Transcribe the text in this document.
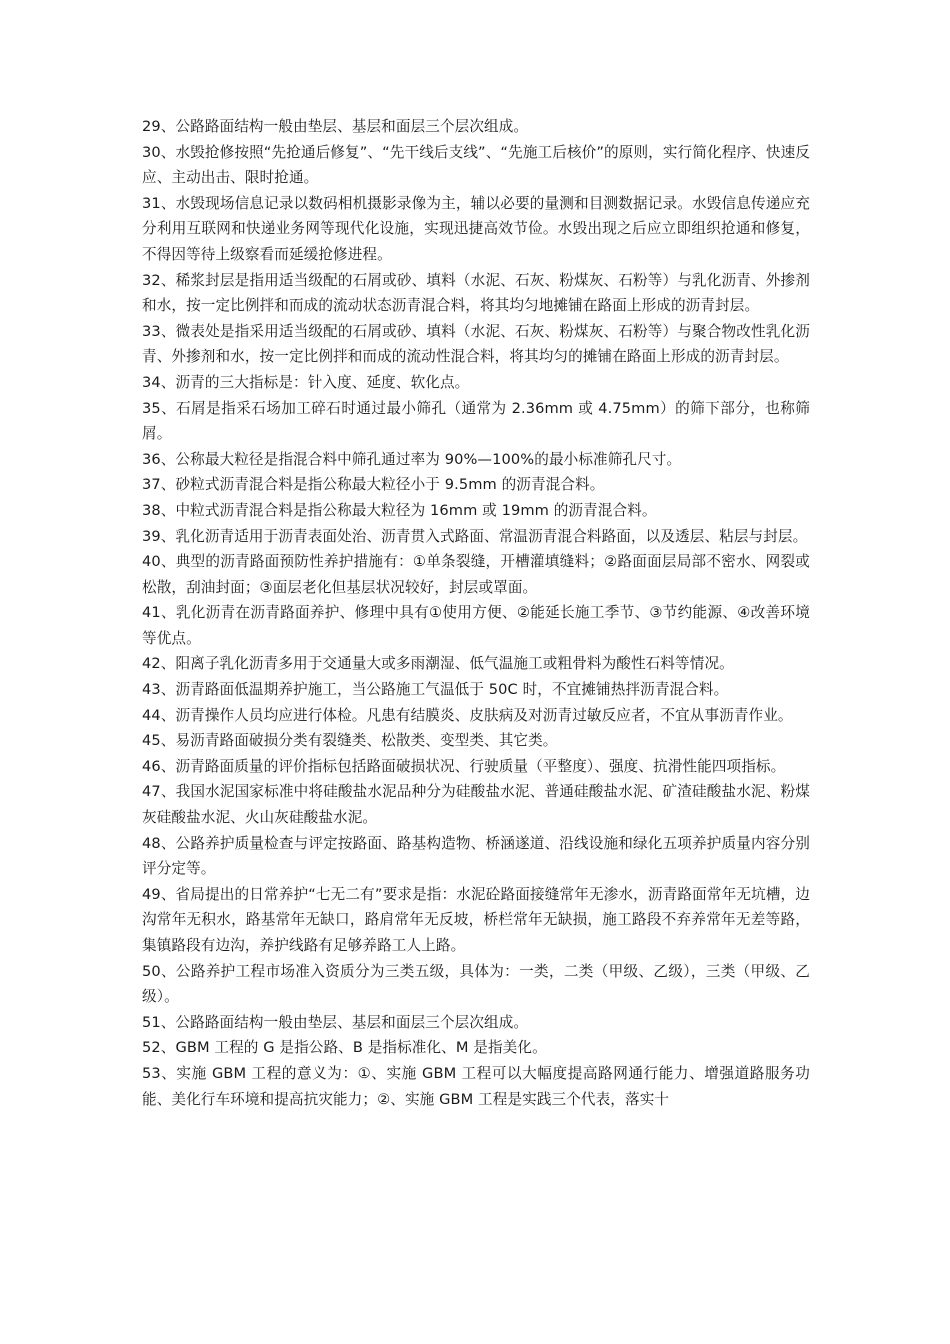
29、公路路面结构一般由垫层、基层和面层三个层次组成。

30、水毁抢修按照“先抢通后修复”、“先干线后支线”、“先施工后核价”的原则，实行简化程序、快速反应、主动出击、限时抢通。

31、水毁现场信息记录以数码相机摄影录像为主，辅以必要的量测和目测数据记录。水毁信息传递应充分利用互联网和快递业务网等现代化设施，实现迅捷高效节俭。水毁出现之后应立即组织抢通和修复，不得因等待上级察看而延缓抢修进程。

32、稀浆封层是指用适当级配的石屑或砂、填料（水泥、石灰、粉煤灰、石粉等）与乳化沥青、外掺剂和水，按一定比例拌和而成的流动状态沥青混合料，将其均匀地摊铺在路面上形成的沥青封层。

33、微表处是指采用适当级配的石屑或砂、填料（水泥、石灰、粉煤灰、石粉等）与聚合物改性乳化沥青、外掺剂和水，按一定比例拌和而成的流动性混合料，将其均匀的摊铺在路面上形成的沥青封层。

34、沥青的三大指标是：针入度、延度、软化点。

35、石屑是指采石场加工碎石时通过最小筛孔（通常为 2.36mm 或 4.75mm）的筛下部分，也称筛屑。

36、公称最大粒径是指混合料中筛孔通过率为 90%—100%的最小标准筛孔尺寸。

37、砂粒式沥青混合料是指公称最大粒径小于 9.5mm 的沥青混合料。

38、中粒式沥青混合料是指公称最大粒径为 16mm 或 19mm 的沥青混合料。

39、乳化沥青适用于沥青表面处治、沥青贯入式路面、常温沥青混合料路面，以及透层、粘层与封层。

40、典型的沥青路面预防性养护措施有：①单条裂缝，开槽灌填缝料；②路面面层局部不密水、网裂或松散，刮油封面；③面层老化但基层状况较好，封层或罩面。

41、乳化沥青在沥青路面养护、修理中具有①使用方便、②能延长施工季节、③节约能源、④改善环境等优点。

42、阳离子乳化沥青多用于交通量大或多雨潮湿、低气温施工或粗骨料为酸性石料等情况。

43、沥青路面低温期养护施工，当公路施工气温低于 50C 时，不宜摊铺热拌沥青混合料。

44、沥青操作人员均应进行体检。凡患有结膜炎、皮肤病及对沥青过敏反应者，不宜从事沥青作业。

45、易沥青路面破损分类有裂缝类、松散类、变型类、其它类。

46、沥青路面质量的评价指标包括路面破损状况、行驶质量（平整度）、强度、抗滑性能四项指标。

47、我国水泥国家标准中将硅酸盐水泥品种分为硅酸盐水泥、普通硅酸盐水泥、矿渣硅酸盐水泥、粉煤灰硅酸盐水泥、火山灰硅酸盐水泥。

48、公路养护质量检查与评定按路面、路基构造物、桥涵遂道、沿线设施和绿化五项养护质量内容分别评分定等。

49、省局提出的日常养护“七无二有”要求是指：水泥砼路面接缝常年无渗水，沥青路面常年无坑槽，边沟常年无积水，路基常年无缺口，路肩常年无反坡，桥栏常年无缺损，施工路段不弃养常年无差等路，集镇路段有边沟，养护线路有足够养路工人上路。

50、公路养护工程市场准入资质分为三类五级，具体为：一类，二类（甲级、乙级），三类（甲级、乙级）。

51、公路路面结构一般由垫层、基层和面层三个层次组成。

52、GBM 工程的 G 是指公路、B 是指标准化、M 是指美化。

53、实施 GBM 工程的意义为：①、实施 GBM 工程可以大幅度提高路网通行能力、增强道路服务功能、美化行车环境和提高抗灾能力；②、实施 GBM 工程是实践三个代表，落实十
